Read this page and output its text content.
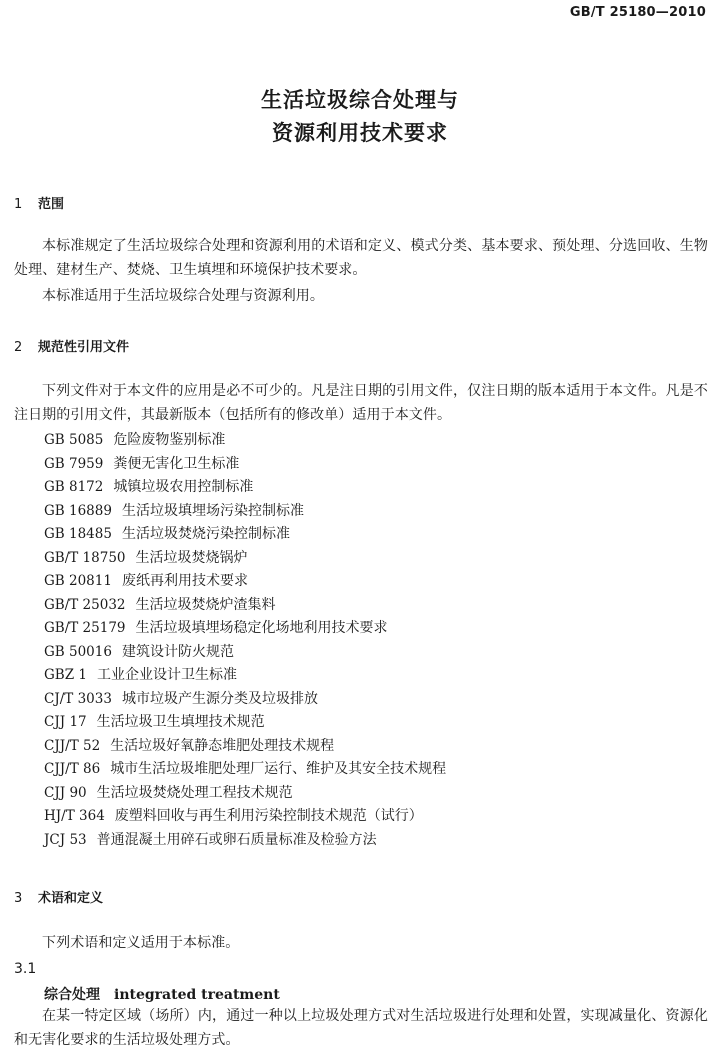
GB/T 25180—2010
生活垃圾综合处理与
资源利用技术要求
1 范围
本标准规定了生活垃圾综合处理和资源利用的术语和定义、模式分类、基本要求、预处理、分选回收、生物处理、建材生产、焚烧、卫生填埋和环境保护技术要求。
本标准适用于生活垃圾综合处理与资源利用。
2 规范性引用文件
下列文件对于本文件的应用是必不可少的。凡是注日期的引用文件，仅注日期的版本适用于本文件。凡是不注日期的引用文件，其最新版本（包括所有的修改单）适用于本文件。
GB 5085 危险废物鉴别标准
GB 7959 粪便无害化卫生标准
GB 8172 城镇垃圾农用控制标准
GB 16889 生活垃圾填埋场污染控制标准
GB 18485 生活垃圾焚烧污染控制标准
GB/T 18750 生活垃圾焚烧锅炉
GB 20811 废纸再利用技术要求
GB/T 25032 生活垃圾焚烧炉渣集料
GB/T 25179 生活垃圾填埋场稳定化场地利用技术要求
GB 50016 建筑设计防火规范
GBZ 1 工业企业设计卫生标准
CJ/T 3033 城市垃圾产生源分类及垃圾排放
CJJ 17 生活垃圾卫生填埋技术规范
CJJ/T 52 生活垃圾好氧静态堆肥处理技术规程
CJJ/T 86 城市生活垃圾堆肥处理厂运行、维护及其安全技术规程
CJJ 90 生活垃圾焚烧处理工程技术规范
HJ/T 364 废塑料回收与再生利用污染控制技术规范（试行）
JCJ 53 普通混凝土用碎石或卵石质量标准及检验方法
3 术语和定义
下列术语和定义适用于本标准。
3.1
综合处理 integrated treatment
在某一特定区域（场所）内，通过一种以上垃圾处理方式对生活垃圾进行处理和处置，实现减量化、资源化和无害化要求的生活垃圾处理方式。
